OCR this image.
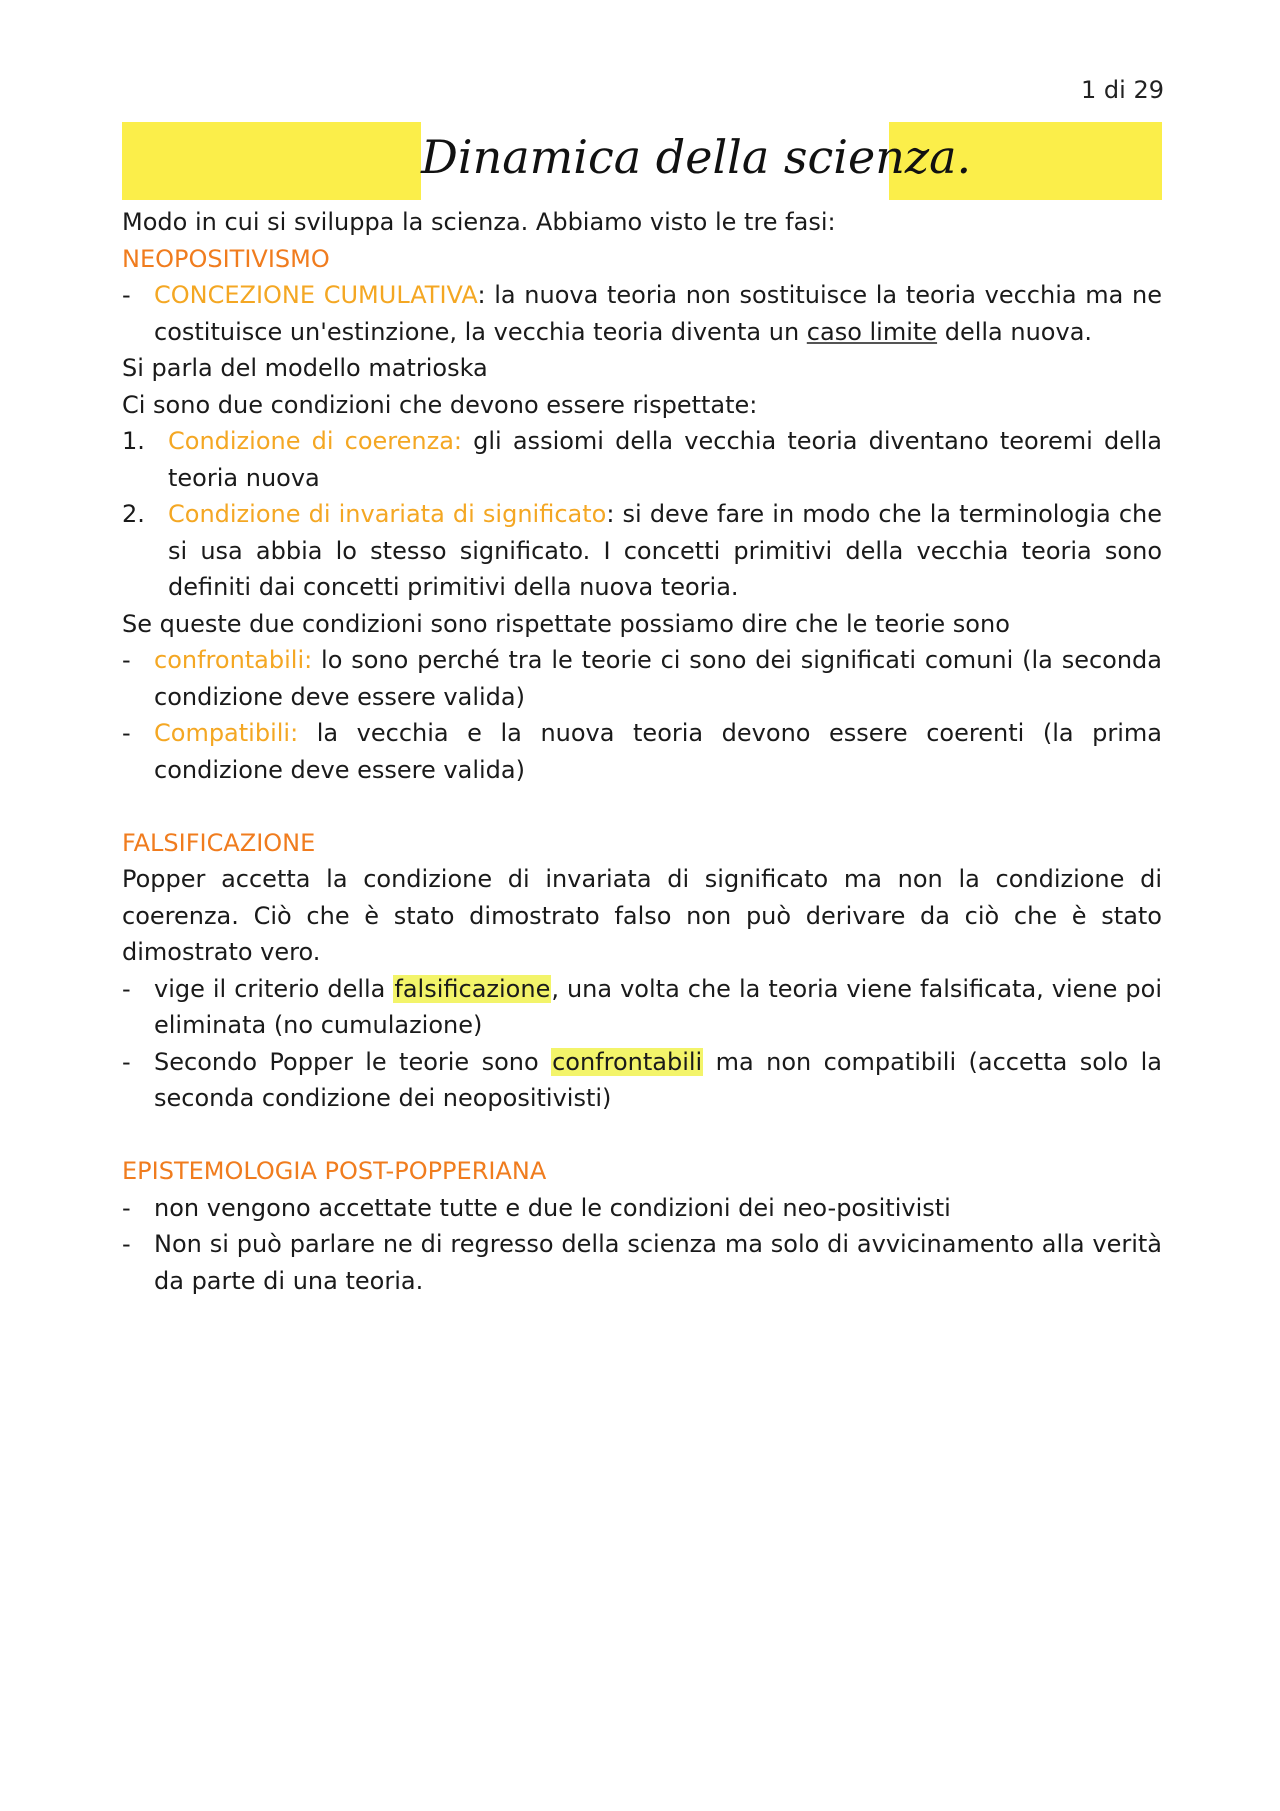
1 di 29
Dinamica della scienza.

Modo in cui si sviluppa la scienza. Abbiamo visto le tre fasi:

NEOPOSITIVISMO

- CONCEZIONE CUMULATIVA: la nuova teoria non sostituisce la teoria vecchia ma ne costituisce un'estinzione, la vecchia teoria diventa un caso limite della nuova.

Si parla del modello matrioska

Ci sono due condizioni che devono essere rispettate:

1. Condizione di coerenza: gli assiomi della vecchia teoria diventano teoremi della teoria nuova
2. Condizione di invariata di significato: si deve fare in modo che la terminologia che si usa abbia lo stesso significato. I concetti primitivi della vecchia teoria sono definiti dai concetti primitivi della nuova teoria.

Se queste due condizioni sono rispettate possiamo dire che le teorie sono

- confrontabili: lo sono perché tra le teorie ci sono dei significati comuni (la seconda condizione deve essere valida)
- Compatibili: la vecchia e la nuova teoria devono essere coerenti (la prima condizione deve essere valida)

FALSIFICAZIONE

Popper accetta la condizione di invariata di significato ma non la condizione di coerenza. Ciò che è stato dimostrato falso non può derivare da ciò che è stato dimostrato vero.

- vige il criterio della falsificazione, una volta che la teoria viene falsificata, viene poi eliminata (no cumulazione)
- Secondo Popper le teorie sono confrontabili ma non compatibili (accetta solo la seconda condizione dei neopositivisti)

EPISTEMOLOGIA POST-POPPERIANA

- non vengono accettate tutte e due le condizioni dei neo-positivisti
- Non si può parlare ne di regresso della scienza ma solo di avvicinamento alla verità da parte di una teoria.
